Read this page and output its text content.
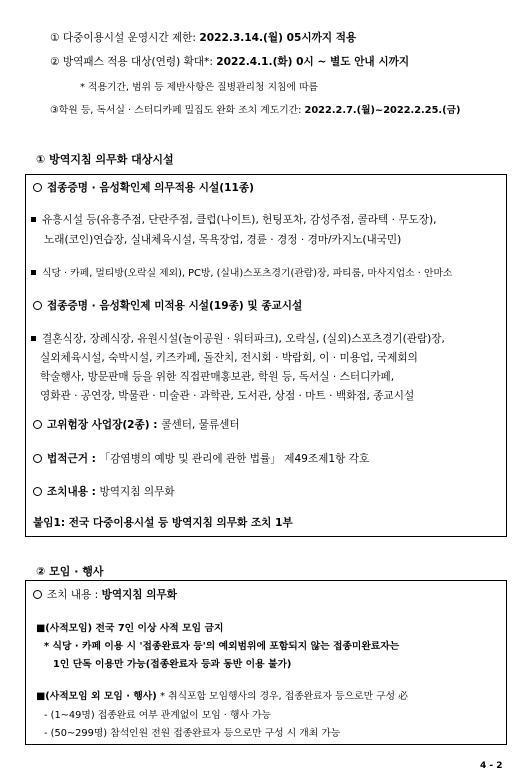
① 다중이용시설 운영시간 제한: 2022.3.14.(월) 05시까지 적용
② 방역패스 적용 대상(연령) 확대*: 2022.4.1.(화) 0시 ~ 별도 안내 시까지
* 적용기간, 범위 등 제반사항은 질병관리청 지침에 따름
③학원 등, 독서실 · 스터디카페 밀집도 완화 조치 계도기간: 2022.2.7.(월)~2022.2.25.(금)
① 방역지침 의무화 대상시설
접종증명 · 음성확인제 의무적용 시설(11종)
유흥시설 등(유흥주점, 단란주점, 클럽(나이트), 헌팅포차, 감성주점, 콜라텍 · 무도장),
노래(코인)연습장, 실내체육시설, 목욕장업, 경륜 · 경정 · 경마/카지노(내국민)
식당 · 카페, 멀티방(오락실 제외), PC방, (실내)스포츠경기(관람)장, 파티룸, 마사지업소 · 안마소
접종증명 · 음성확인제 미적용 시설(19종) 및 종교시설
결혼식장, 장례식장, 유원시설(놀이공원 · 워터파크), 오락실, (실외)스포츠경기(관람)장,
실외체육시설, 숙박시설, 키즈카페, 돌잔치, 전시회 · 박람회, 이 · 미용업, 국제회의
학술행사, 방문판매 등을 위한 직접판매홍보관, 학원 등, 독서실 · 스터디카페,
영화관 · 공연장, 박물관 · 미술관 · 과학관, 도서관, 상점 · 마트 · 백화점, 종교시설
고위험장 사업장(2종) : 콜센터, 물류센터
법적근거 : 「감염병의 예방 및 관리에 관한 법률」 제49조제1항 각호
조치내용 : 방역지침 의무화
붙임1: 전국 다중이용시설 등 방역지침 의무화 조치 1부
② 모임 · 행사
조치 내용 : 방역지침 의무화
■(사적모임) 전국 7인 이상 사적 모임 금지
* 식당 · 카페 이용 시 '접종완료자 등'의 예외범위에 포함되지 않는 접종미완료자는
1인 단독 이용만 가능(접종완료자 등과 동반 이용 불가)
■(사적모임 외 모임 · 행사) * 취식포함 모임행사의 경우, 접종완료자 등으로만 구성 必
- (1~49명) 접종완료 여부 관계없이 모임 · 행사 가능
- (50~299명) 참석인원 전원 접종완료자 등으로만 구성 시 개최 가능
4 - 2
